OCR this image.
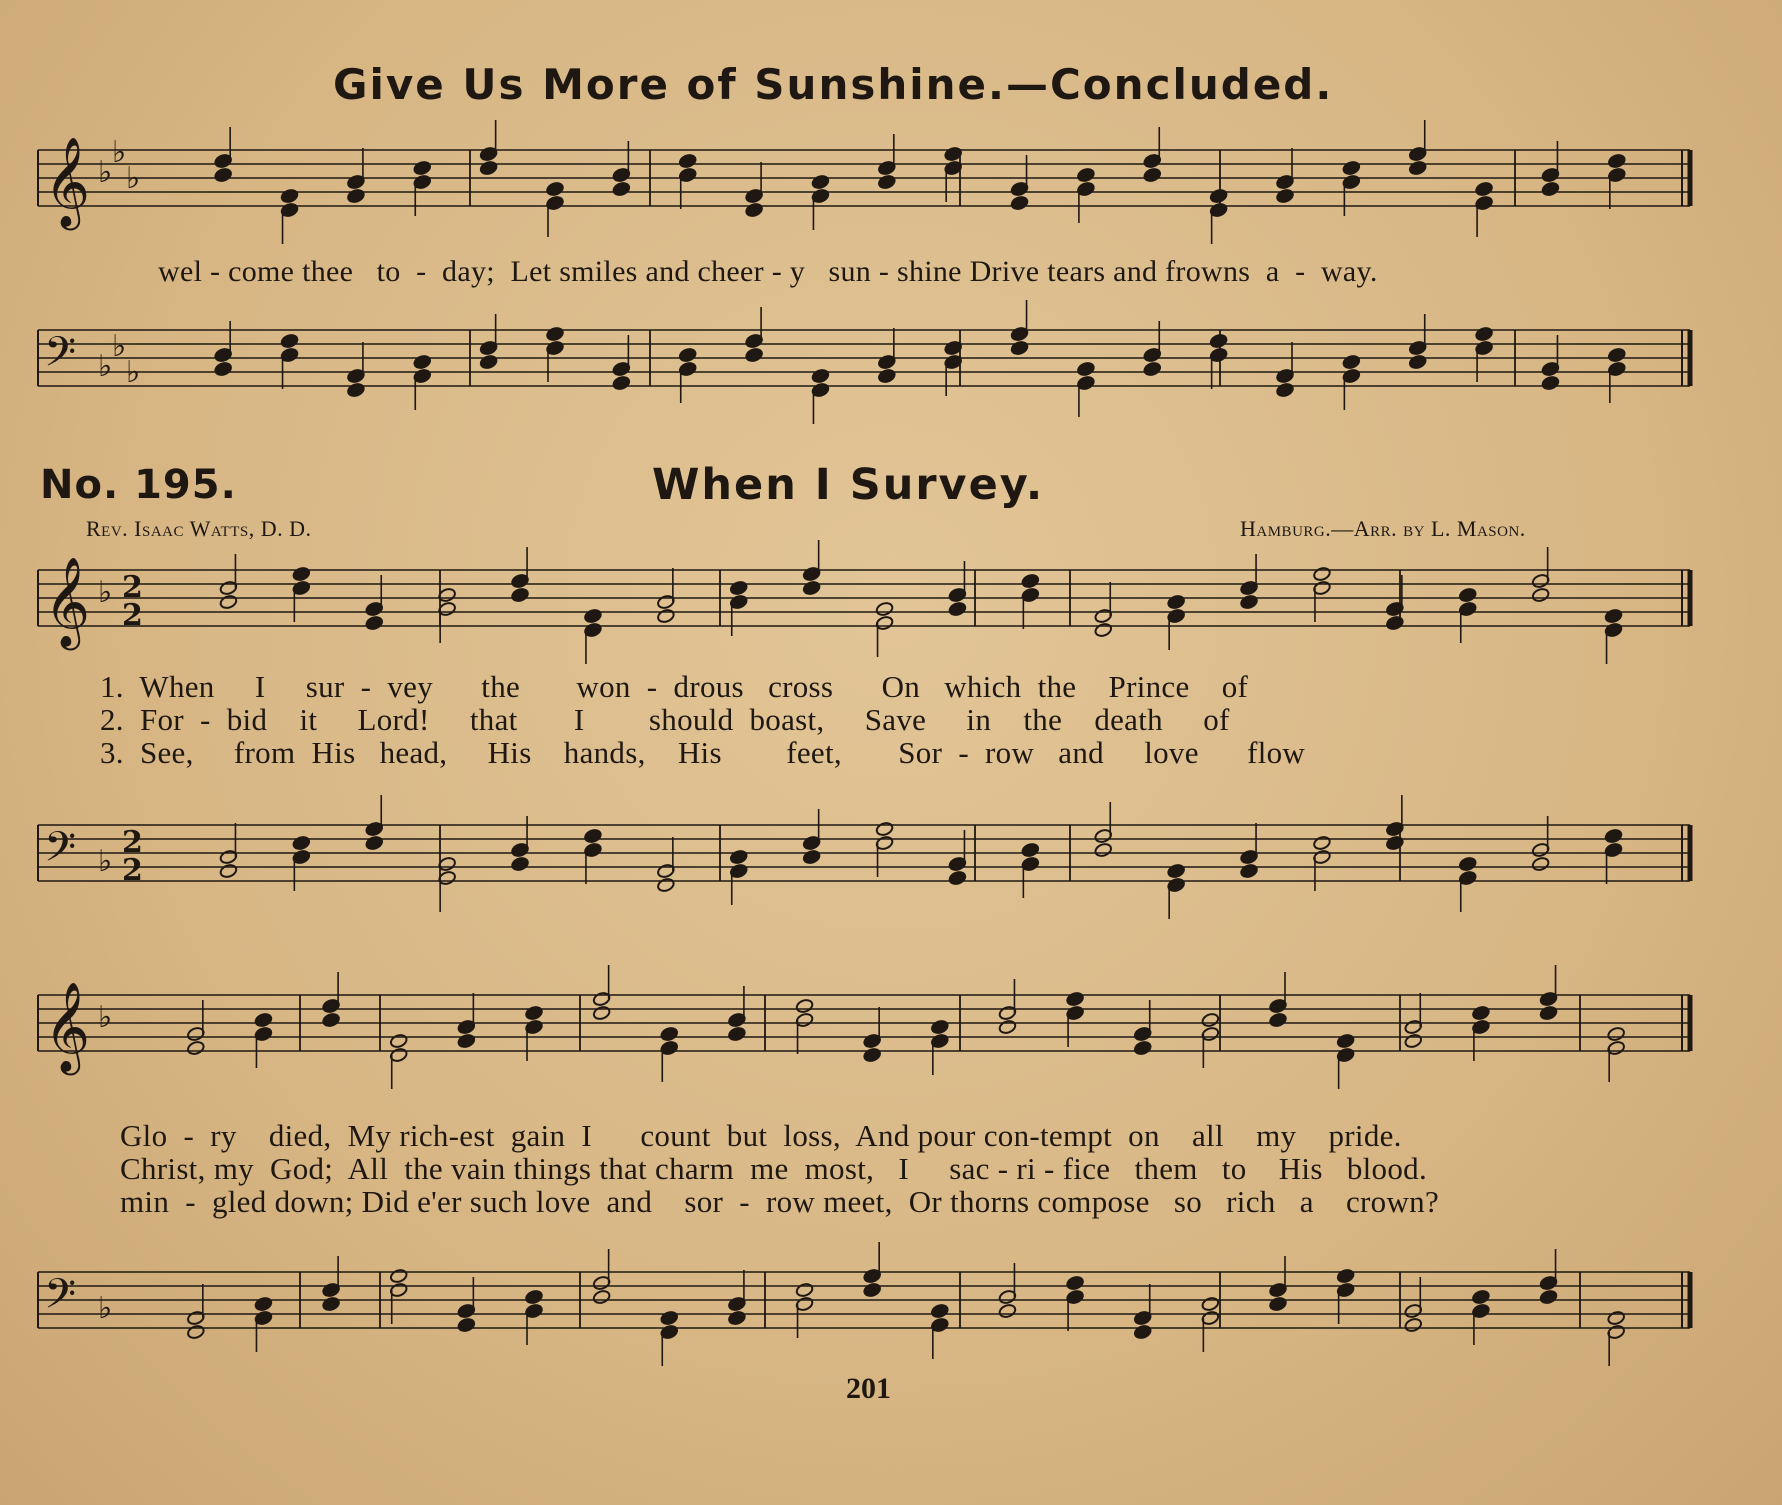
Give Us More of Sunshine.—Concluded.
𝄞 ♭
♭
♭
wel - come thee   to  -  day;  Let smiles and cheer - y   sun - shine Drive tears and frowns  a  -  way.
𝄢 ♭
♭
♭
No. 195.	When I Survey.
Rev. Isaac Watts, D. D.	Hamburg.—Arr. by L. Mason.
𝄞 ♭ 2
2
1.  When     I     sur  -  vey      the       won  -  drous   cross      On   which  the    Prince    of
2.  For  -  bid    it     Lord!     that       I        should  boast,     Save     in    the    death     of
3.  See,     from  His   head,     His    hands,    His        feet,       Sor  -  row   and     love      flow
𝄢 ♭
2
2
𝄞 ♭
Glo  -  ry    died,  My rich-est  gain  I      count  but  loss,  And pour con-tempt  on    all    my    pride.
Christ, my  God;  All  the vain things that charm  me  most,   I     sac - ri - fice   them   to    His   blood.
min  -  gled down; Did e'er such love  and    sor  -  row meet,  Or thorns compose   so   rich   a    crown?
𝄢 ♭
201
